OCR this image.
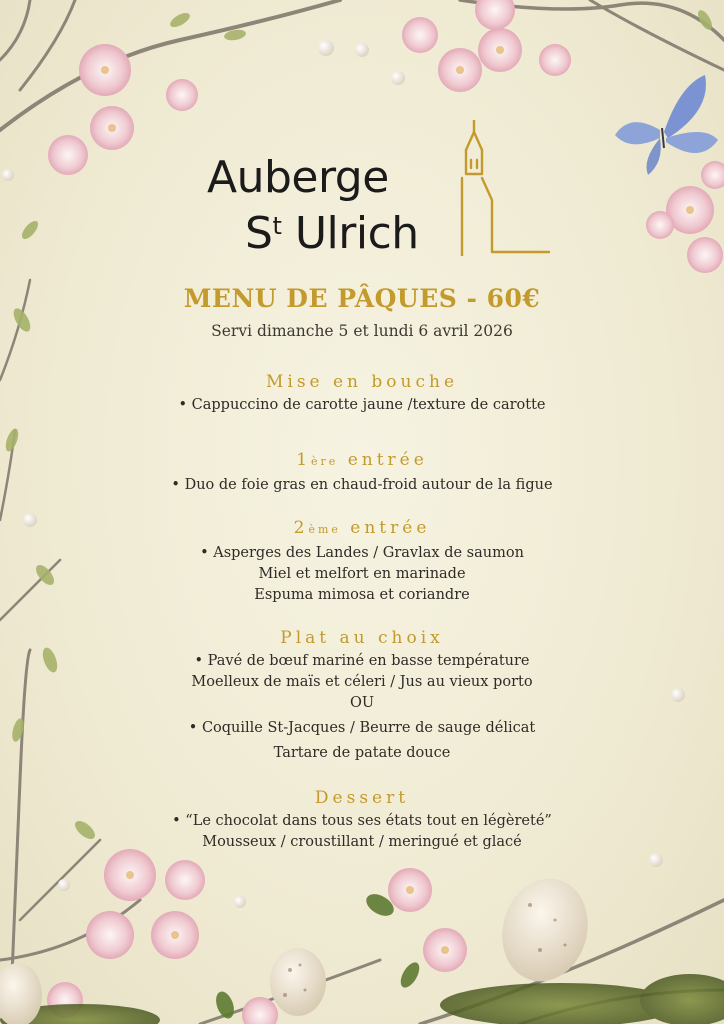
Auberge
$S^t$ Ulrich
MENU DE PÂQUES - 60€
Servi dimanche 5 et lundi 6 avril 2026
Mise en bouche
• Cappuccino de carotte jaune /texture de carotte
1ère entrée
• Duo de foie gras en chaud-froid autour de la figue
2ème entrée
• Asperges des Landes / Gravlax de saumon
Miel et melfort en marinade
Espuma mimosa et coriandre
Plat au choix
• Pavé de bœuf mariné en basse température
Moelleux de maïs et céleri / Jus au vieux porto
OU
• Coquille St-Jacques / Beurre de sauge délicat
Tartare de patate douce
Dessert
• “Le chocolat dans tous ses états tout en légèreté”
Mousseux / croustillant / meringué et glacé
